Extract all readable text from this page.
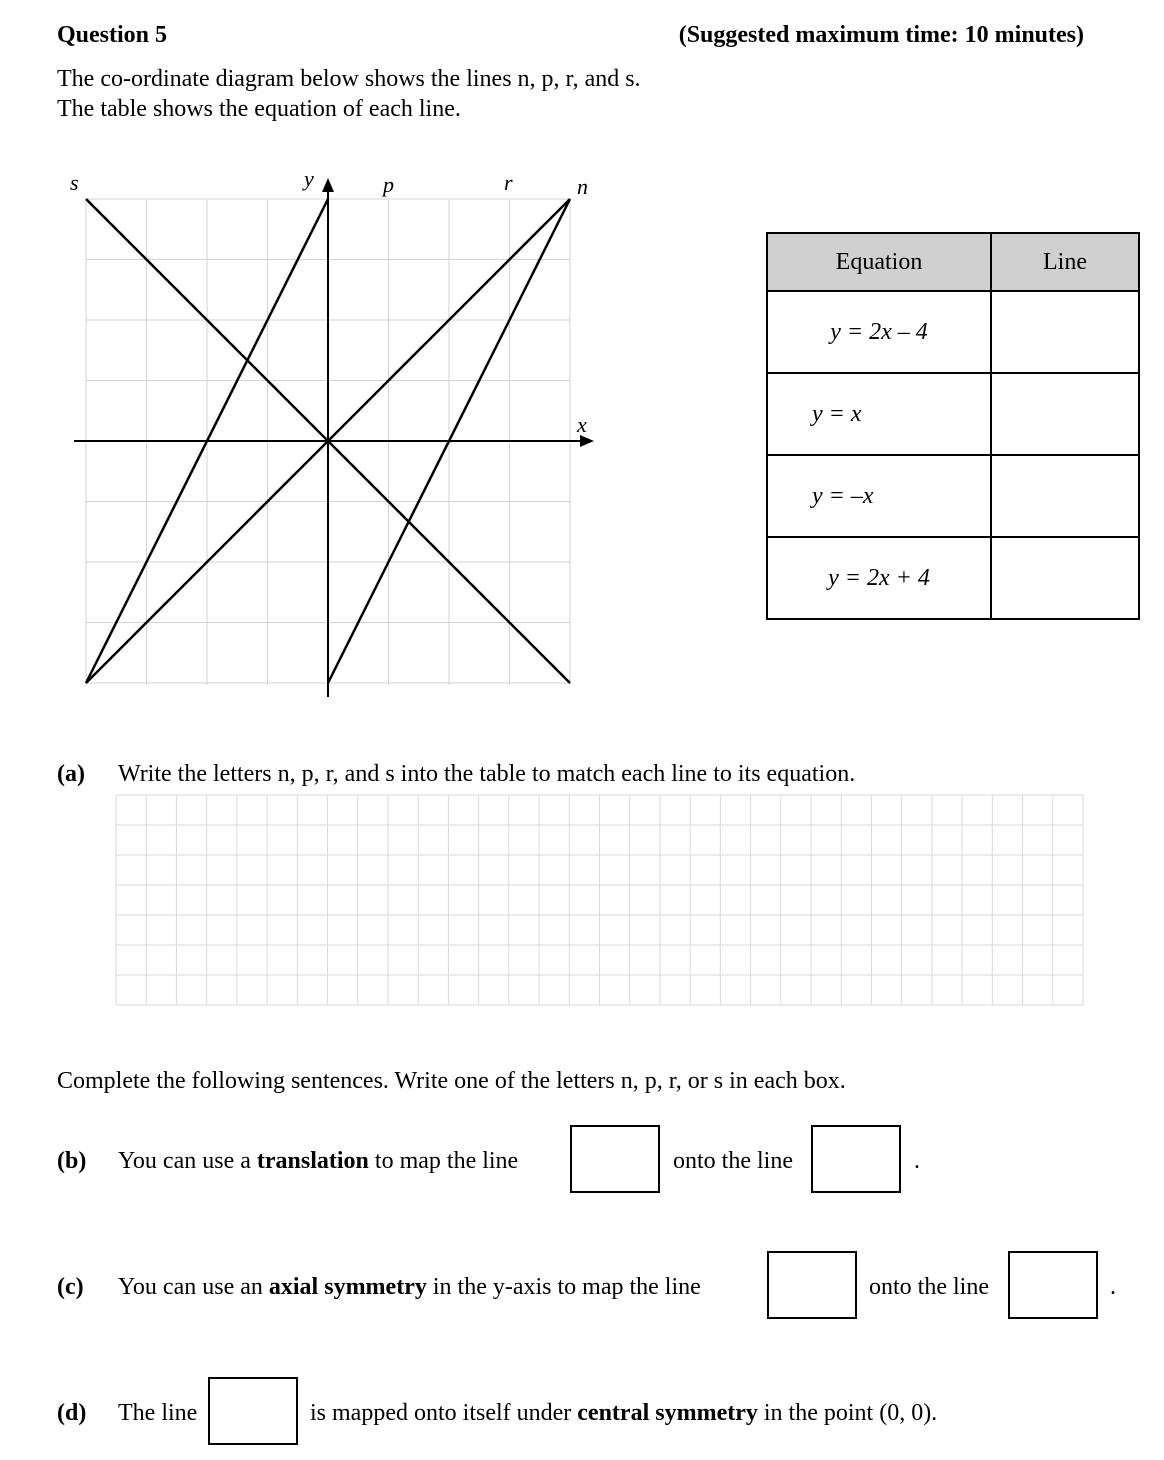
Question 5	(Suggested maximum time: 10 minutes)
The co-ordinate diagram below shows the lines n, p, r, and s.
The table shows the equation of each line.
s	y	p	r	n
x
Equation	Line
y = 2x – 4	
y = x	
y = –x	
y = 2x + 4	
(a) Write the letters n, p, r, and s into the table to match each line to its equation.
Complete the following sentences. Write one of the letters n, p, r, or s in each box.
(b) You can use a translation to map the line	onto the line	.
(c) You can use an axial symmetry in the y-axis to map the line	onto the line	.
(d) The line	is mapped onto itself under central symmetry in the point (0, 0).
